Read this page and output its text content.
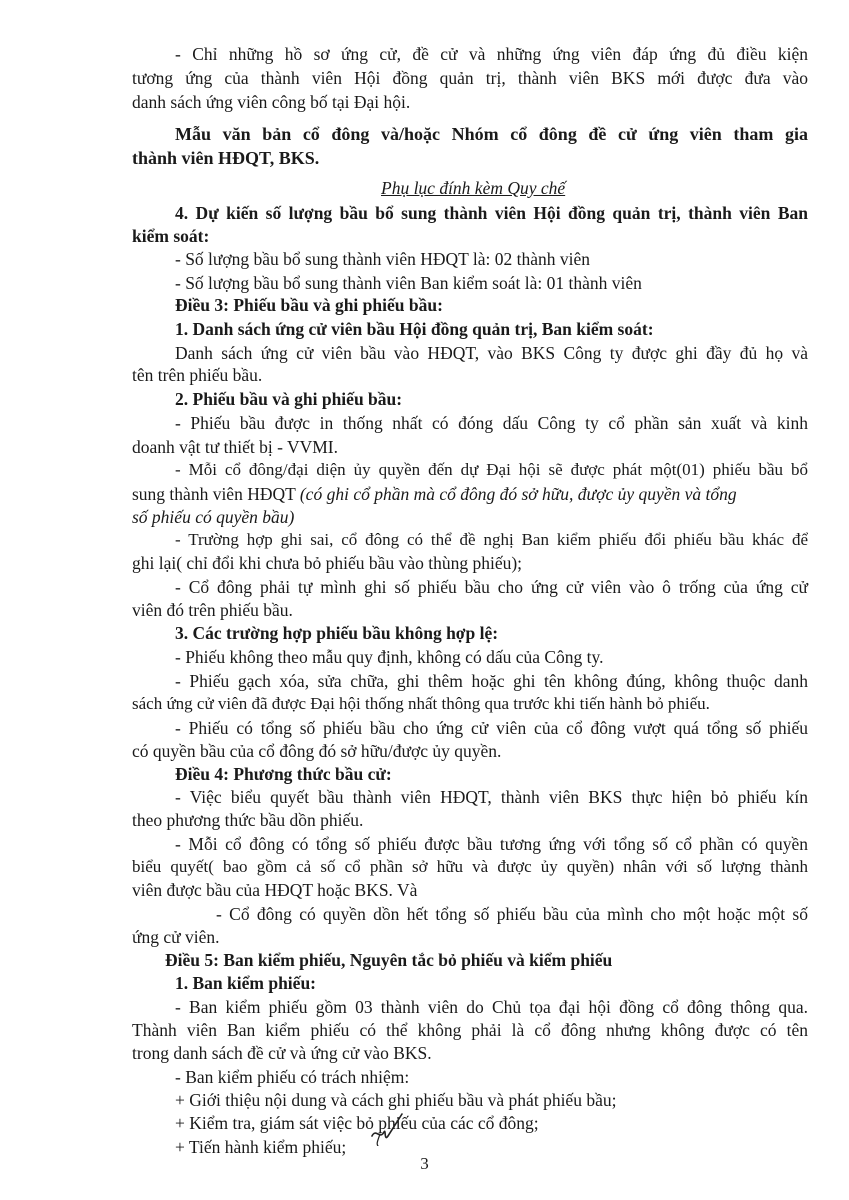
- Chỉ những hồ sơ ứng cử, đề cử và những ứng viên đáp ứng đủ điều kiện
tương ứng của thành viên Hội đồng quản trị, thành viên BKS mới được đưa vào
danh sách ứng viên công bố tại Đại hội.
Mẫu văn bản cổ đông và/hoặc Nhóm cổ đông đề cử ứng viên tham gia
thành viên HĐQT, BKS.
Phụ lục đính kèm Quy chế
4. Dự kiến số lượng bầu bổ sung thành viên Hội đồng quản trị, thành viên Ban
kiểm soát:
- Số lượng bầu bổ sung thành viên HĐQT là: 02 thành viên
- Số lượng bầu bổ sung thành viên Ban kiểm soát là: 01 thành viên
Điều 3: Phiếu bầu và ghi phiếu bầu:
1. Danh sách ứng cử viên bầu Hội đồng quản trị, Ban kiểm soát:
Danh sách ứng cử viên bầu vào HĐQT, vào BKS Công ty được ghi đầy đủ họ và
tên trên phiếu bầu.
2. Phiếu bầu và ghi phiếu bầu:
- Phiếu bầu được in thống nhất có đóng dấu Công ty cổ phần sản xuất và kinh
doanh vật tư thiết bị - VVMI.
- Mỗi cổ đông/đại diện ủy quyền đến dự Đại hội sẽ được phát một(01) phiếu bầu bổ
sung thành viên HĐQT (có ghi cổ phần mà cổ đông đó sở hữu, được ủy quyền và tổng
số phiếu có quyền bầu)
- Trường hợp ghi sai, cổ đông có thể đề nghị Ban kiểm phiếu đổi phiếu bầu khác để
ghi lại( chỉ đổi khi chưa bỏ phiếu bầu vào thùng phiếu);
- Cổ đông phải tự mình ghi số phiếu bầu cho ứng cử viên vào ô trống của ứng cử
viên đó trên phiếu bầu.
3. Các trường hợp phiếu bầu không hợp lệ:
- Phiếu không theo mẫu quy định, không có dấu của Công ty.
- Phiếu gạch xóa, sửa chữa, ghi thêm hoặc ghi tên không đúng, không thuộc danh
sách ứng cử viên đã được Đại hội thống nhất thông qua trước khi tiến hành bỏ phiếu.
- Phiếu có tổng số phiếu bầu cho ứng cử viên của cổ đông vượt quá tổng số phiếu
có quyền bầu của cổ đông đó sở hữu/được ủy quyền.
Điều 4: Phương thức bầu cử:
- Việc biểu quyết bầu thành viên HĐQT, thành viên BKS thực hiện bỏ phiếu kín
theo phương thức bầu dồn phiếu.
- Mỗi cổ đông có tổng số phiếu được bầu tương ứng với tổng số cổ phần có quyền
biểu quyết( bao gồm cả số cổ phần sở hữu và được ủy quyền) nhân với số lượng thành
viên được bầu của HĐQT hoặc BKS. Và
- Cổ đông có quyền dồn hết tổng số phiếu bầu của mình cho một hoặc một số
ứng cử viên.
Điều 5: Ban kiểm phiếu, Nguyên tắc bỏ phiếu và kiểm phiếu
1. Ban kiểm phiếu:
- Ban kiểm phiếu gồm 03 thành viên do Chủ tọa đại hội đồng cổ đông thông qua.
Thành viên Ban kiểm phiếu có thể không phải là cổ đông nhưng không được có tên
trong danh sách đề cử và ứng cử vào BKS.
- Ban kiểm phiếu có trách nhiệm:
+ Giới thiệu nội dung và cách ghi phiếu bầu và phát phiếu bầu;
+ Kiểm tra, giám sát việc bỏ phiếu của các cổ đông;
+ Tiến hành kiểm phiếu;
3
